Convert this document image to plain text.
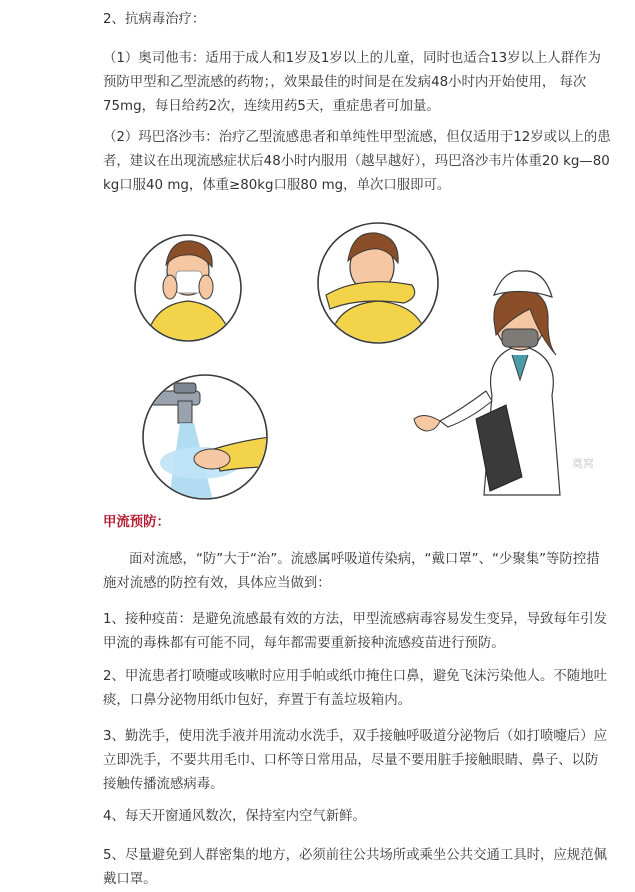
2、抗病毒治疗：

（1）奥司他韦：适用于成人和1岁及1岁以上的儿童，同时也适合13岁以上人群作为预防甲型和乙型流感的药物；，效果最佳的时间是在发病48小时内开始使用， 每次75mg，每日给药2次，连续用药5天，重症患者可加量。

（2）玛巴洛沙韦：治疗乙型流感患者和单纯性甲型流感，但仅适用于12岁或以上的患者，建议在出现流感症状后48小时内服用（越早越好），玛巴洛沙韦片体重20 kg—80 kg口服40 mg，体重≥80kg口服80 mg，单次口服即可。

奠窝

甲流预防：

面对流感，“防”大于“治”。流感属呼吸道传染病，“戴口罩”、“少聚集”等防控措施对流感的防控有效，具体应当做到：

1、接种疫苗：是避免流感最有效的方法，甲型流感病毒容易发生变异，导致每年引发甲流的毒株都有可能不同，每年都需要重新接种流感疫苗进行预防。

2、甲流患者打喷嚏或咳嗽时应用手帕或纸巾掩住口鼻，避免飞沫污染他人。不随地吐痰，口鼻分泌物用纸巾包好，弃置于有盖垃圾箱内。

3、勤洗手，使用洗手液并用流动水洗手，双手接触呼吸道分泌物后（如打喷嚏后）应立即洗手，不要共用毛巾、口杯等日常用品，尽量不要用脏手接触眼睛、鼻子、以防接触传播流感病毒。

4、每天开窗通风数次，保持室内空气新鲜。

5、尽量避免到人群密集的地方，必须前往公共场所或乘坐公共交通工具时，应规范佩戴口罩。
